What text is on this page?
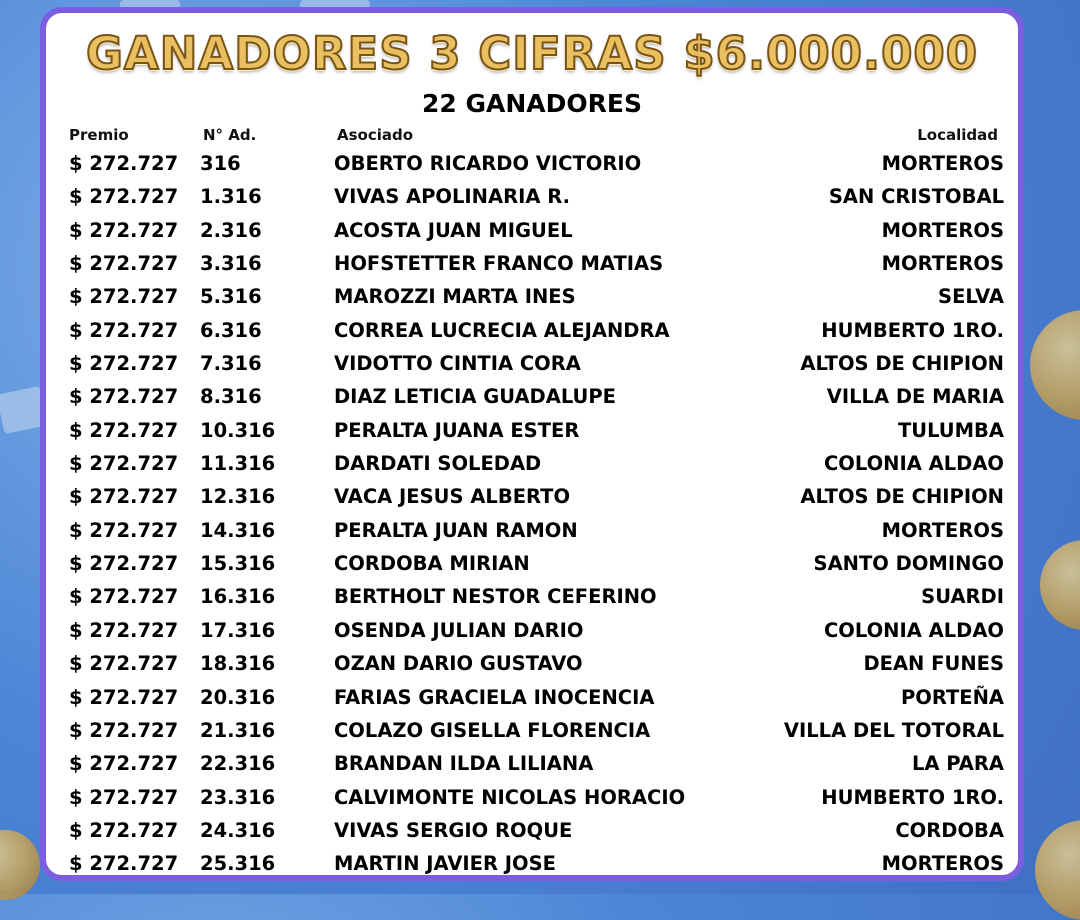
GANADORES 3 CIFRAS $6.000.000
22 GANADORES
Premio	N° Ad.	Asociado	Localidad
$ 272.727 316	OBERTO RICARDO VICTORIO	MORTEROS
$ 272.727 1.316	VIVAS APOLINARIA R.	SAN CRISTOBAL
$ 272.727 2.316	ACOSTA JUAN MIGUEL	MORTEROS
$ 272.727 3.316	HOFSTETTER FRANCO MATIAS	MORTEROS
$ 272.727 5.316	MAROZZI MARTA INES	SELVA
$ 272.727 6.316	CORREA LUCRECIA ALEJANDRA	HUMBERTO 1RO.
$ 272.727 7.316	VIDOTTO CINTIA CORA	ALTOS DE CHIPION
$ 272.727 8.316	DIAZ LETICIA GUADALUPE	VILLA DE MARIA
$ 272.727 10.316	PERALTA JUANA ESTER	TULUMBA
$ 272.727 11.316	DARDATI SOLEDAD	COLONIA ALDAO
$ 272.727 12.316	VACA JESUS ALBERTO	ALTOS DE CHIPION
$ 272.727 14.316	PERALTA JUAN RAMON	MORTEROS
$ 272.727 15.316	CORDOBA MIRIAN	SANTO DOMINGO
$ 272.727 16.316	BERTHOLT NESTOR CEFERINO	SUARDI
$ 272.727 17.316	OSENDA JULIAN DARIO	COLONIA ALDAO
$ 272.727 18.316	OZAN DARIO GUSTAVO	DEAN FUNES
$ 272.727 20.316	FARIAS GRACIELA INOCENCIA	PORTEÑA
$ 272.727 21.316	COLAZO GISELLA FLORENCIA	VILLA DEL TOTORAL
$ 272.727 22.316	BRANDAN ILDA LILIANA	LA PARA
$ 272.727 23.316	CALVIMONTE NICOLAS HORACIO	HUMBERTO 1RO.
$ 272.727 24.316	VIVAS SERGIO ROQUE	CORDOBA
$ 272.727 25.316	MARTIN JAVIER JOSE	MORTEROS
